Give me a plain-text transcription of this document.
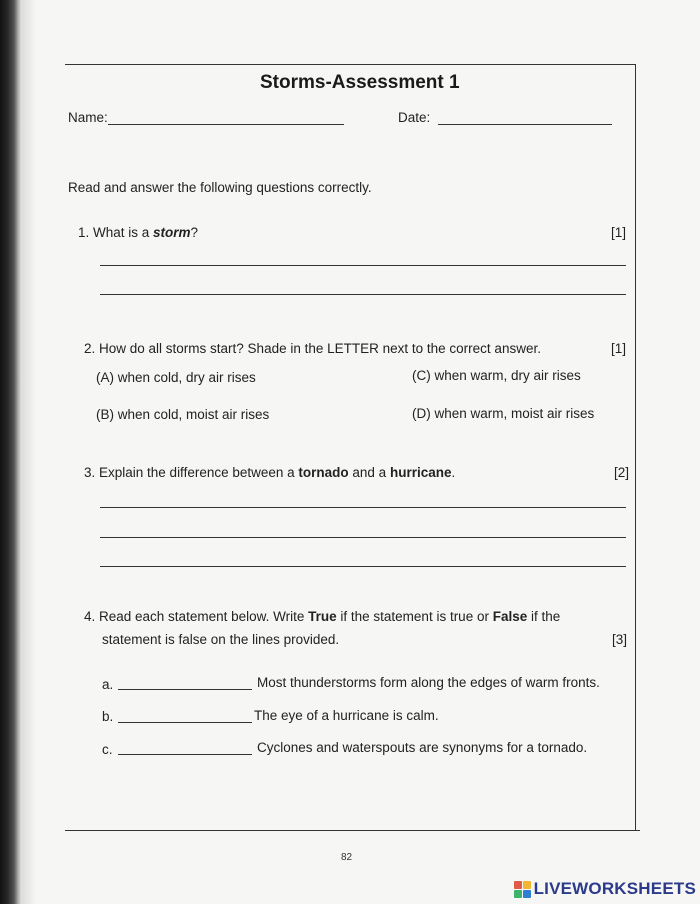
Storms-Assessment 1
Name:	Date:
Read and answer the following questions correctly.
1. What is a storm?	[1]
2. How do all storms start? Shade in the LETTER next to the correct answer.	[1]
(A) when cold, dry air rises	(C) when warm, dry air rises
(B) when cold, moist air rises	(D) when warm, moist air rises
3. Explain the difference between a tornado and a hurricane.	[2]
4. Read each statement below. Write True if the statement is true or False if the
statement is false on the lines provided.	[3]
a.	Most thunderstorms form along the edges of warm fronts.
b.	The eye of a hurricane is calm.
c.	Cyclones and waterspouts are synonyms for a tornado.
82
LIVEWORKSHEETS
